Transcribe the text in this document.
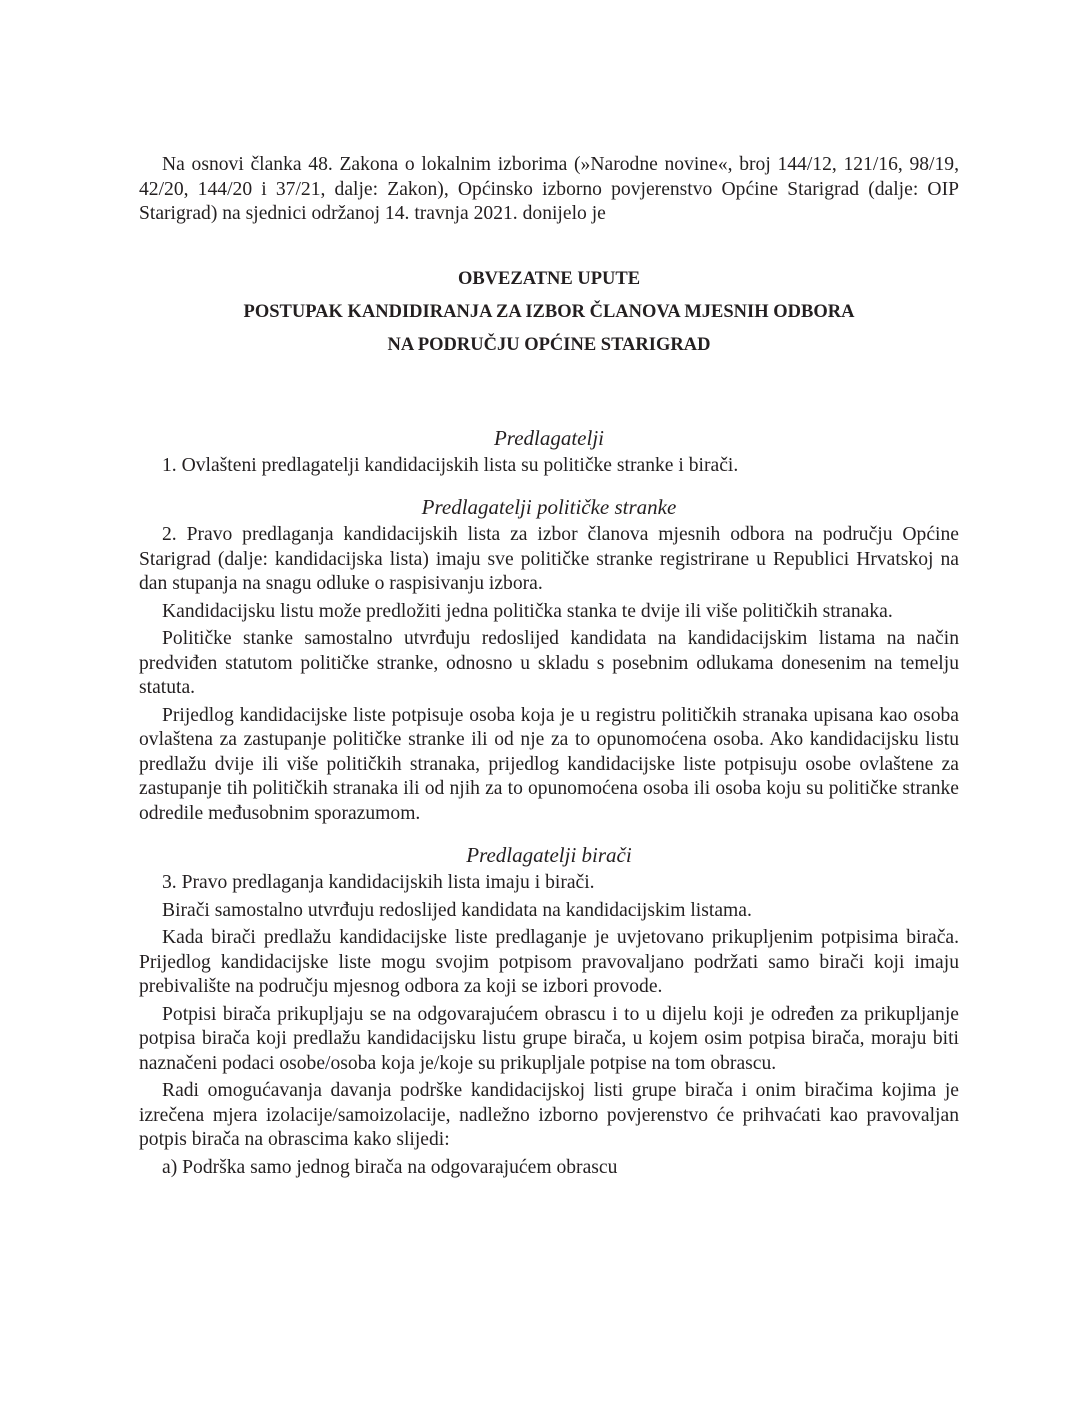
Na osnovi članka 48. Zakona o lokalnim izborima (»Narodne novine«, broj 144/12, 121/16, 98/19, 42/20, 144/20 i 37/21, dalje: Zakon), Općinsko izborno povjerenstvo Općine Starigrad (dalje: OIP Starigrad) na sjednici održanoj 14. travnja 2021. donijelo je

OBVEZATNE UPUTE
POSTUPAK KANDIDIRANJA ZA IZBOR ČLANOVA MJESNIH ODBORA
NA PODRUČJU OPĆINE STARIGRAD
Predlagatelji

1. Ovlašteni predlagatelji kandidacijskih lista su političke stranke i birači.

Predlagatelji političke stranke

2. Pravo predlaganja kandidacijskih lista za izbor članova mjesnih odbora na području Općine Starigrad (dalje: kandidacijska lista) imaju sve političke stranke registrirane u Republici Hrvatskoj na dan stupanja na snagu odluke o raspisivanju izbora.

Kandidacijsku listu može predložiti jedna politička stanka te dvije ili više političkih stranaka.

Političke stanke samostalno utvrđuju redoslijed kandidata na kandidacijskim listama na način predviđen statutom političke stranke, odnosno u skladu s posebnim odlukama donesenim na temelju statuta.

Prijedlog kandidacijske liste potpisuje osoba koja je u registru političkih stranaka upisana kao osoba ovlaštena za zastupanje političke stranke ili od nje za to opunomoćena osoba. Ako kandidacijsku listu predlažu dvije ili više političkih stranaka, prijedlog kandidacijske liste potpisuju osobe ovlaštene za zastupanje tih političkih stranaka ili od njih za to opunomoćena osoba ili osoba koju su političke stranke odredile međusobnim sporazumom.

Predlagatelji birači

3. Pravo predlaganja kandidacijskih lista imaju i birači.

Birači samostalno utvrđuju redoslijed kandidata na kandidacijskim listama.

Kada birači predlažu kandidacijske liste predlaganje je uvjetovano prikupljenim potpisima birača. Prijedlog kandidacijske liste mogu svojim potpisom pravovaljano podržati samo birači koji imaju prebivalište na području mjesnog odbora za koji se izbori provode.

Potpisi birača prikupljaju se na odgovarajućem obrascu i to u dijelu koji je određen za prikupljanje potpisa birača koji predlažu kandidacijsku listu grupe birača, u kojem osim potpisa birača, moraju biti naznačeni podaci osobe/osoba koja je/koje su prikupljale potpise na tom obrascu.

Radi omogućavanja davanja podrške kandidacijskoj listi grupe birača i onim biračima kojima je izrečena mjera izolacije/samoizolacije, nadležno izborno povjerenstvo će prihvaćati kao pravovaljan potpis birača na obrascima kako slijedi:

a) Podrška samo jednog birača na odgovarajućem obrascu
